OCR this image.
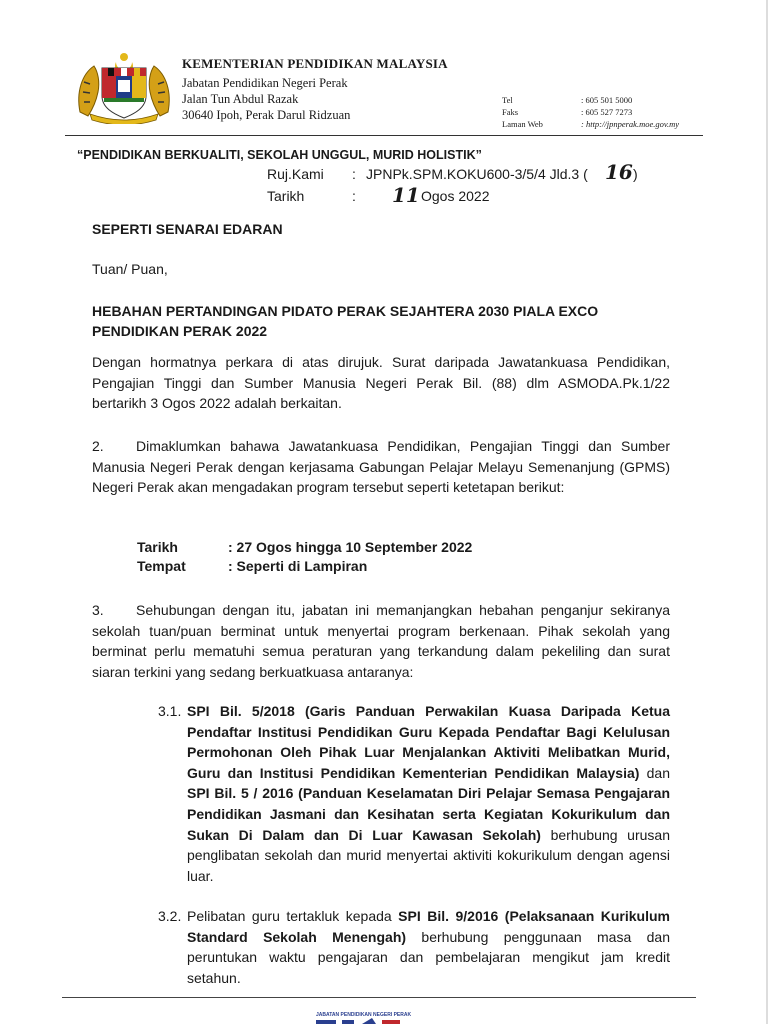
KEMENTERIAN PENDIDIKAN MALAYSIA
Jabatan Pendidikan Negeri Perak
Jalan Tun Abdul Razak
30640 Ipoh, Perak Darul Ridzuan
Tel	: 605 501 5000
Faks	: 605 527 7273
Laman Web	: http://jpnperak.moe.gov.my
“PENDIDIKAN BERKUALITI, SEKOLAH UNGGUL, MURID HOLISTIK”
Ruj.Kami : JPNPk.SPM.KOKU600-3/5/4 Jld.3 ( 16 )
Tarikh	: 11 Ogos 2022
SEPERTI SENARAI EDARAN
Tuan/ Puan,
HEBAHAN PERTANDINGAN PIDATO PERAK SEJAHTERA 2030 PIALA EXCO
PENDIDIKAN PERAK 2022

Dengan hormatnya perkara di atas dirujuk. Surat daripada Jawatankuasa Pendidikan, Pengajian Tinggi dan Sumber Manusia Negeri Perak Bil. (88) dlm ASMODA.Pk.1/22 bertarikh 3 Ogos 2022 adalah berkaitan.

2. Dimaklumkan bahawa Jawatankuasa Pendidikan, Pengajian Tinggi dan Sumber Manusia Negeri Perak dengan kerjasama Gabungan Pelajar Melayu Semenanjung (GPMS) Negeri Perak akan mengadakan program tersebut seperti ketetapan berikut:

Tarikh	: 27 Ogos hingga 10 September 2022
Tempat	: Seperti di Lampiran

3. Sehubungan dengan itu, jabatan ini memanjangkan hebahan penganjur sekiranya sekolah tuan/puan berminat untuk menyertai program berkenaan. Pihak sekolah yang berminat perlu mematuhi semua peraturan yang terkandung dalam pekeliling dan surat siaran terkini yang sedang berkuatkuasa antaranya:

3.1. SPI Bil. 5/2018 (Garis Panduan Perwakilan Kuasa Daripada Ketua Pendaftar Institusi Pendidikan Guru Kepada Pendaftar Bagi Kelulusan Permohonan Oleh Pihak Luar Menjalankan Aktiviti Melibatkan Murid, Guru dan Institusi Pendidikan Kementerian Pendidikan Malaysia) dan SPI Bil. 5 / 2016 (Panduan Keselamatan Diri Pelajar Semasa Pengajaran Pendidikan Jasmani dan Kesihatan serta Kegiatan Kokurikulum dan Sukan Di Dalam dan Di Luar Kawasan Sekolah) berhubung urusan penglibatan sekolah dan murid menyertai aktiviti kokurikulum dengan agensi luar.
3.2. Pelibatan guru tertakluk kepada SPI Bil. 9/2016 (Pelaksanaan Kurikulum Standard Sekolah Menengah) berhubung penggunaan masa dan peruntukan waktu pengajaran dan pembelajaran mengikut jam kredit setahun.
JABATAN PENDIDIKAN NEGERI PERAK
